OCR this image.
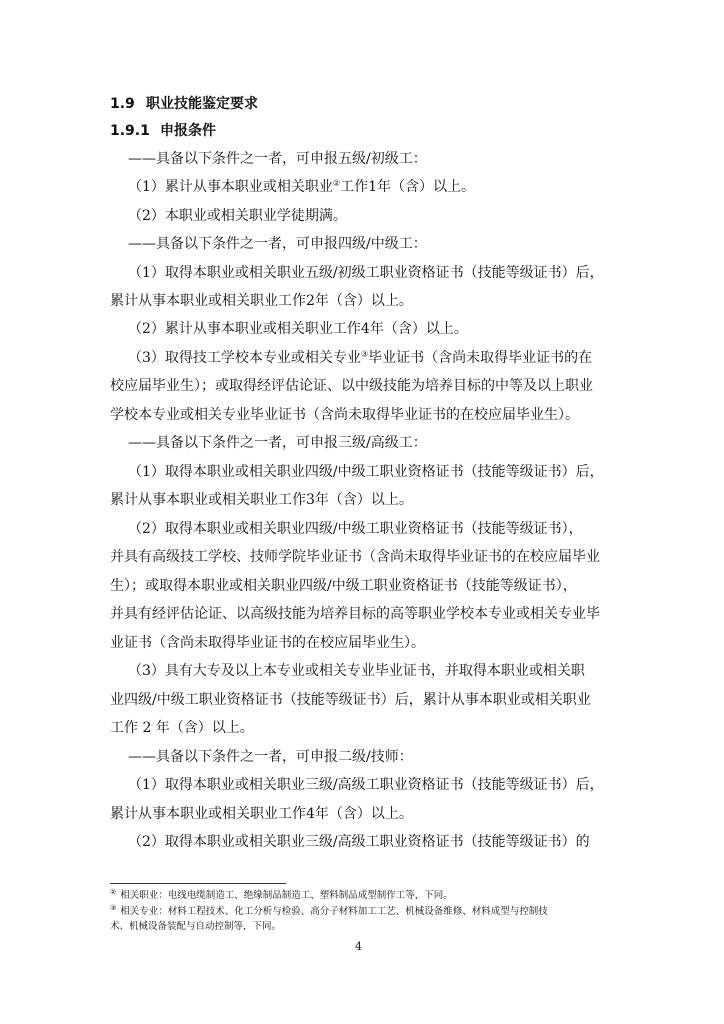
1.9 职业技能鉴定要求
1.9.1 申报条件
——具备以下条件之一者，可申报五级/初级工：
（1）累计从事本职业或相关职业②工作1年（含）以上。
（2）本职业或相关职业学徒期满。
——具备以下条件之一者，可申报四级/中级工：
（1）取得本职业或相关职业五级/初级工职业资格证书（技能等级证书）后，
累计从事本职业或相关职业工作2年（含）以上。
（2）累计从事本职业或相关职业工作4年（含）以上。
（3）取得技工学校本专业或相关专业③毕业证书（含尚未取得毕业证书的在
校应届毕业生）；或取得经评估论证、以中级技能为培养目标的中等及以上职业
学校本专业或相关专业毕业证书（含尚未取得毕业证书的在校应届毕业生）。
——具备以下条件之一者，可申报三级/高级工：
（1）取得本职业或相关职业四级/中级工职业资格证书（技能等级证书）后，
累计从事本职业或相关职业工作3年（含）以上。
（2）取得本职业或相关职业四级/中级工职业资格证书（技能等级证书），
并具有高级技工学校、技师学院毕业证书（含尚未取得毕业证书的在校应届毕业
生）；或取得本职业或相关职业四级/中级工职业资格证书（技能等级证书），
并具有经评估论证、以高级技能为培养目标的高等职业学校本专业或相关专业毕
业证书（含尚未取得毕业证书的在校应届毕业生）。
（3）具有大专及以上本专业或相关专业毕业证书，并取得本职业或相关职
业四级/中级工职业资格证书（技能等级证书）后，累计从事本职业或相关职业
工作 2 年（含）以上。
——具备以下条件之一者，可申报二级/技师：
（1）取得本职业或相关职业三级/高级工职业资格证书（技能等级证书）后，
累计从事本职业或相关职业工作4年（含）以上。
（2）取得本职业或相关职业三级/高级工职业资格证书（技能等级证书）的
② 相关职业：电线电缆制造工、绝缘制品制造工、塑料制品成型制作工等，下同。
③ 相关专业：材料工程技术、化工分析与检验、高分子材料加工工艺、机械设备维修、材料成型与控制技
术、机械设备装配与自动控制等，下同。
4
